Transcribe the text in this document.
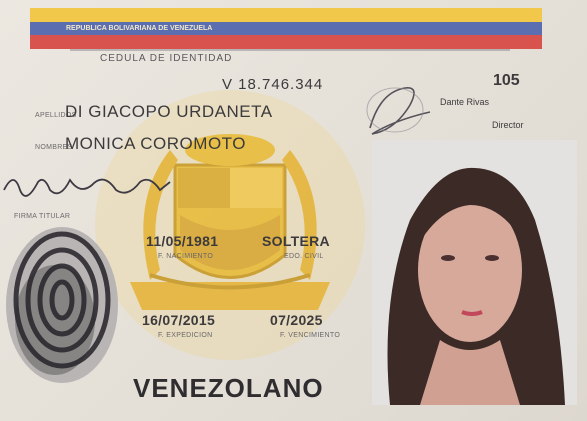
REPUBLICA BOLIVARIANA DE VENEZUELA
CEDULA DE IDENTIDAD
V 18.746.344	105
Dante Rivas
Director
APELLIDOS
DI GIACOPO URDANETA
NOMBRES
MONICA COROMOTO
FIRMA TITULAR
11/05/1981	SOLTERA
F. NACIMIENTO	EDO. CIVIL
16/07/2015	07/2025
F. EXPEDICION	F. VENCIMIENTO
VENEZOLANO
